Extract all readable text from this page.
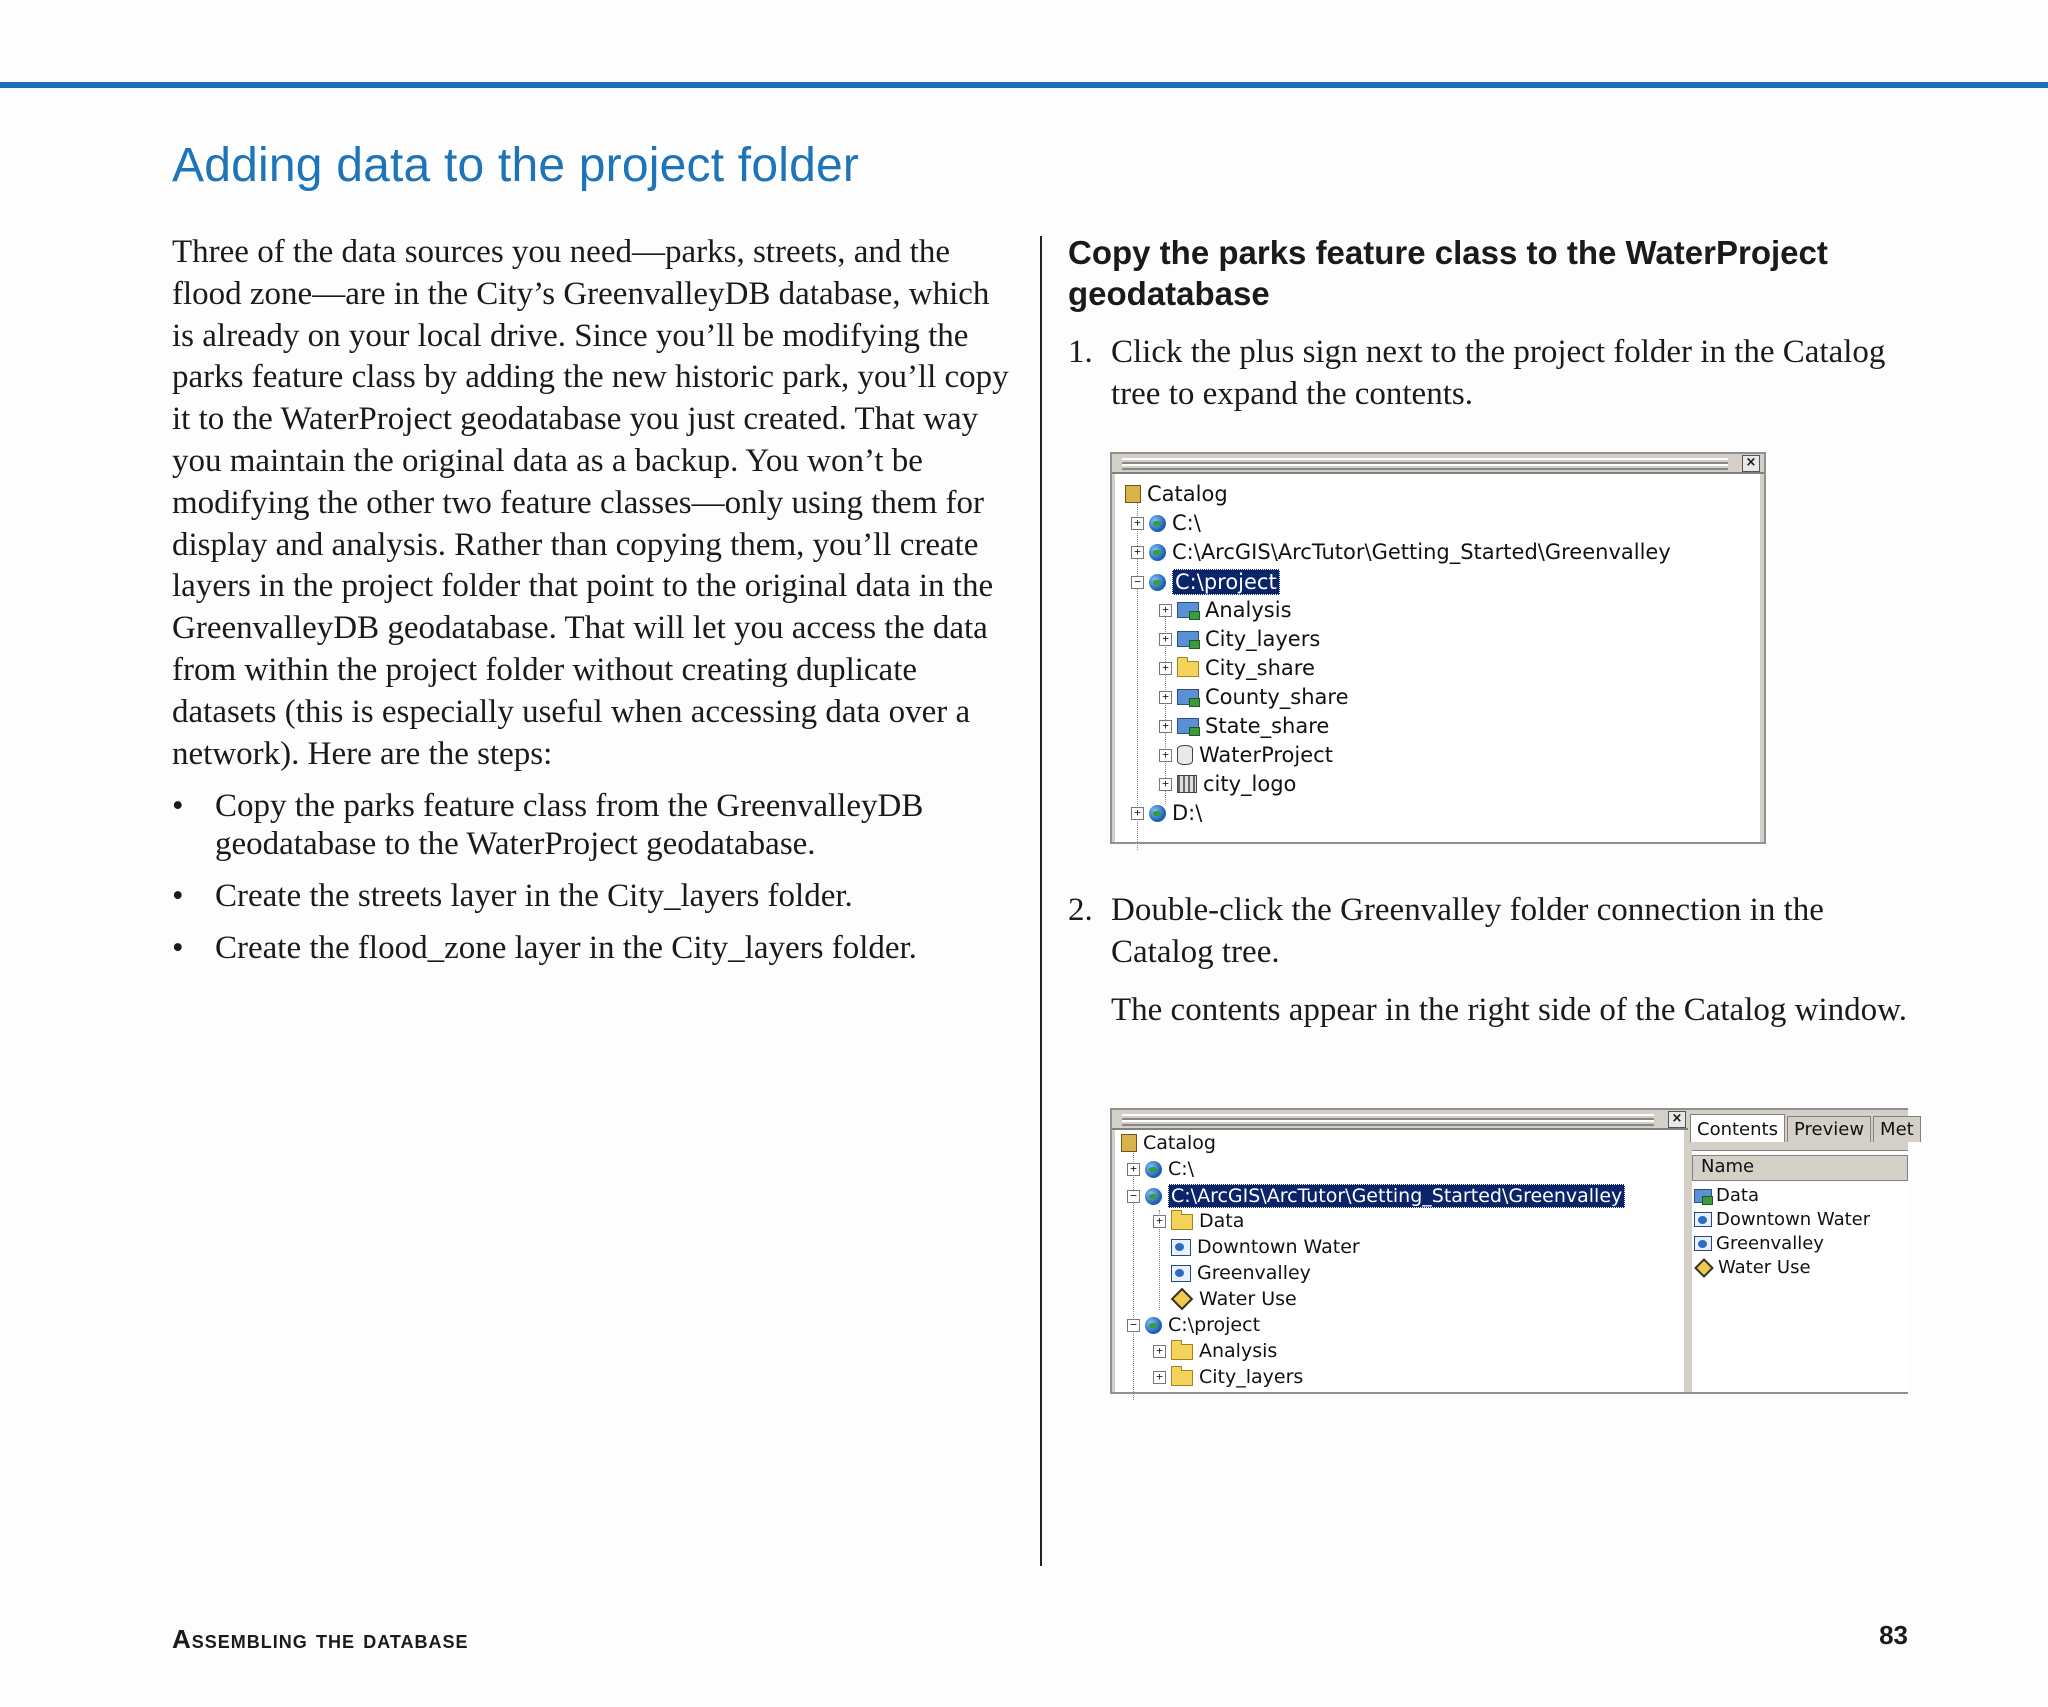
Adding data to the project folder

Three of the data sources you need—parks, streets, and the flood zone—are in the City’s GreenvalleyDB database, which is already on your local drive. Since you’ll be modifying the parks feature class by adding the new historic park, you’ll copy it to the WaterProject geodatabase you just created. That way you maintain the original data as a backup. You won’t be modifying the other two feature classes—only using them for display and analysis. Rather than copying them, you’ll create layers in the project folder that point to the original data in the GreenvalleyDB geodatabase. That will let you access the data from within the project folder without creating duplicate datasets (this is especially useful when accessing data over a network). Here are the steps:

• Copy the parks feature class from the GreenvalleyDB geodatabase to the WaterProject geodatabase.
• Create the streets layer in the City_layers folder.
• Create the flood_zone layer in the City_layers folder.
Copy the parks feature class to the WaterProject geodatabase

1. Click the plus sign next to the project folder in the Catalog tree to expand the contents.

×
Catalog
+ C:\
+ C:\ArcGIS\ArcTutor\Getting_Started\Greenvalley
− C:\project
+ Analysis
+ City_layers
+ City_share
+ County_share
+ State_share
+ WaterProject
+ city_logo
+ D:\

2. Double-click the Greenvalley folder connection in the Catalog tree.

The contents appear in the right side of the Catalog window.

×
Catalog
+ C:\
− C:\ArcGIS\ArcTutor\Getting_Started\Greenvalley
+ Data
Downtown Water
Greenvalley
Water Use
− C:\project
+ Analysis
+ City_layers
Contents Preview Met
Name
Data
Downtown Water
Greenvalley
Water Use
Assembling the database	83
